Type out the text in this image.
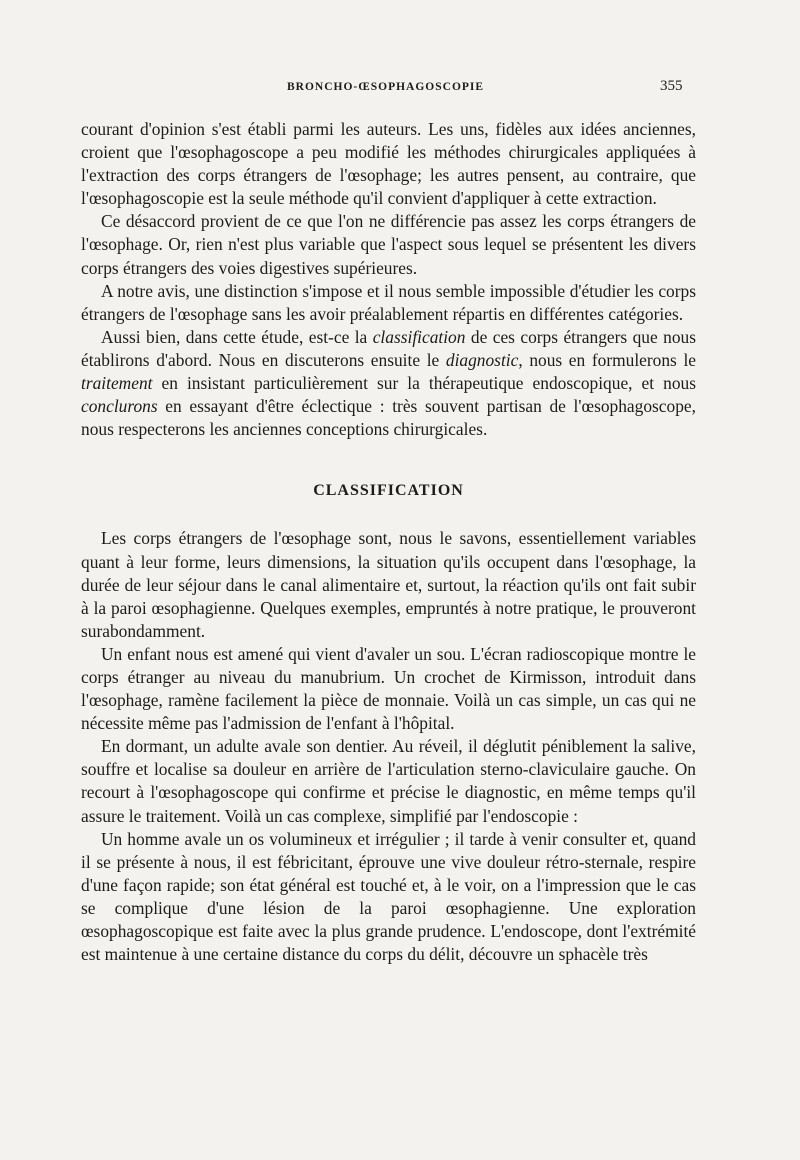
BRONCHO-ŒSOPHAGOSCOPIE	355

courant d'opinion s'est établi parmi les auteurs. Les uns, fidèles aux idées anciennes, croient que l'œsophagoscope a peu modifié les méthodes chirurgicales appliquées à l'extraction des corps étrangers de l'œsophage; les autres pensent, au contraire, que l'œsophagoscopie est la seule méthode qu'il convient d'appliquer à cette extraction.

Ce désaccord provient de ce que l'on ne différencie pas assez les corps étrangers de l'œsophage. Or, rien n'est plus variable que l'aspect sous lequel se présentent les divers corps étrangers des voies digestives supérieures.

A notre avis, une distinction s'impose et il nous semble impossible d'étudier les corps étrangers de l'œsophage sans les avoir préalablement répartis en différentes catégories.

Aussi bien, dans cette étude, est-ce la classification de ces corps étrangers que nous établirons d'abord. Nous en discuterons ensuite le diagnostic, nous en formulerons le traitement en insistant particulièrement sur la thérapeutique endoscopique, et nous conclurons en essayant d'être éclectique : très souvent partisan de l'œsophagoscope, nous respecterons les anciennes conceptions chirurgicales.

CLASSIFICATION

Les corps étrangers de l'œsophage sont, nous le savons, essentiellement variables quant à leur forme, leurs dimensions, la situation qu'ils occupent dans l'œsophage, la durée de leur séjour dans le canal alimentaire et, surtout, la réaction qu'ils ont fait subir à la paroi œsophagienne. Quelques exemples, empruntés à notre pratique, le prouveront surabondamment.

Un enfant nous est amené qui vient d'avaler un sou. L'écran radioscopique montre le corps étranger au niveau du manubrium. Un crochet de Kirmisson, introduit dans l'œsophage, ramène facilement la pièce de monnaie. Voilà un cas simple, un cas qui ne nécessite même pas l'admission de l'enfant à l'hôpital.

En dormant, un adulte avale son dentier. Au réveil, il déglutit péniblement la salive, souffre et localise sa douleur en arrière de l'articulation sterno-claviculaire gauche. On recourt à l'œsophagoscope qui confirme et précise le diagnostic, en même temps qu'il assure le traitement. Voilà un cas complexe, simplifié par l'endoscopie :

Un homme avale un os volumineux et irrégulier ; il tarde à venir consulter et, quand il se présente à nous, il est fébricitant, éprouve une vive douleur rétro-sternale, respire d'une façon rapide; son état général est touché et, à le voir, on a l'impression que le cas se complique d'une lésion de la paroi œsophagienne. Une exploration œsophagoscopique est faite avec la plus grande prudence. L'endoscope, dont l'extrémité est maintenue à une certaine distance du corps du délit, découvre un sphacèle très
